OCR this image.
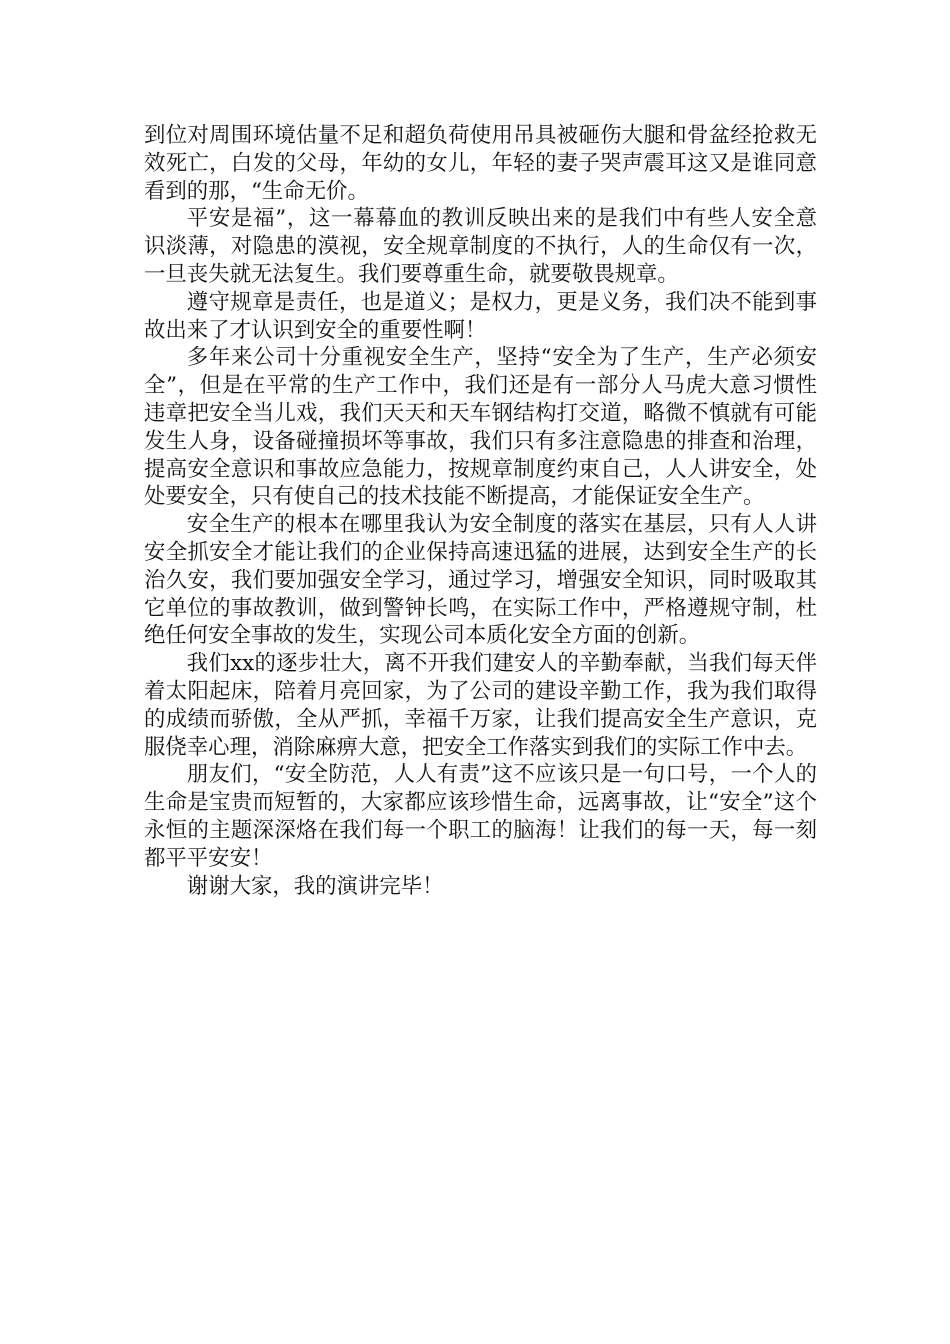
到位对周围环境估量不足和超负荷使用吊具被砸伤大腿和骨盆经抢救无效死亡，白发的父母，年幼的女儿，年轻的妻子哭声震耳这又是谁同意看到的那，“生命无价。

平安是福”，这一幕幕血的教训反映出来的是我们中有些人安全意识淡薄，对隐患的漠视，安全规章制度的不执行，人的生命仅有一次，一旦丧失就无法复生。我们要尊重生命，就要敬畏规章。

遵守规章是责任，也是道义；是权力，更是义务，我们决不能到事故出来了才认识到安全的重要性啊！

多年来公司十分重视安全生产，坚持“安全为了生产，生产必须安全”，但是在平常的生产工作中，我们还是有一部分人马虎大意习惯性违章把安全当儿戏，我们天天和天车钢结构打交道，略微不慎就有可能发生人身，设备碰撞损坏等事故，我们只有多注意隐患的排查和治理，提高安全意识和事故应急能力，按规章制度约束自己，人人讲安全，处处要安全，只有使自己的技术技能不断提高，才能保证安全生产。

安全生产的根本在哪里我认为安全制度的落实在基层，只有人人讲安全抓安全才能让我们的企业保持高速迅猛的进展，达到安全生产的长治久安，我们要加强安全学习，通过学习，增强安全知识，同时吸取其它单位的事故教训，做到警钟长鸣，在实际工作中，严格遵规守制，杜绝任何安全事故的发生，实现公司本质化安全方面的创新。

我们xx的逐步壮大，离不开我们建安人的辛勤奉献，当我们每天伴着太阳起床，陪着月亮回家，为了公司的建设辛勤工作，我为我们取得的成绩而骄傲，全从严抓，幸福千万家，让我们提高安全生产意识，克服侥幸心理，消除麻痹大意，把安全工作落实到我们的实际工作中去。

朋友们，“安全防范，人人有责”这不应该只是一句口号，一个人的生命是宝贵而短暂的，大家都应该珍惜生命，远离事故，让“安全”这个永恒的主题深深烙在我们每一个职工的脑海！让我们的每一天，每一刻都平平安安！

谢谢大家，我的演讲完毕！
